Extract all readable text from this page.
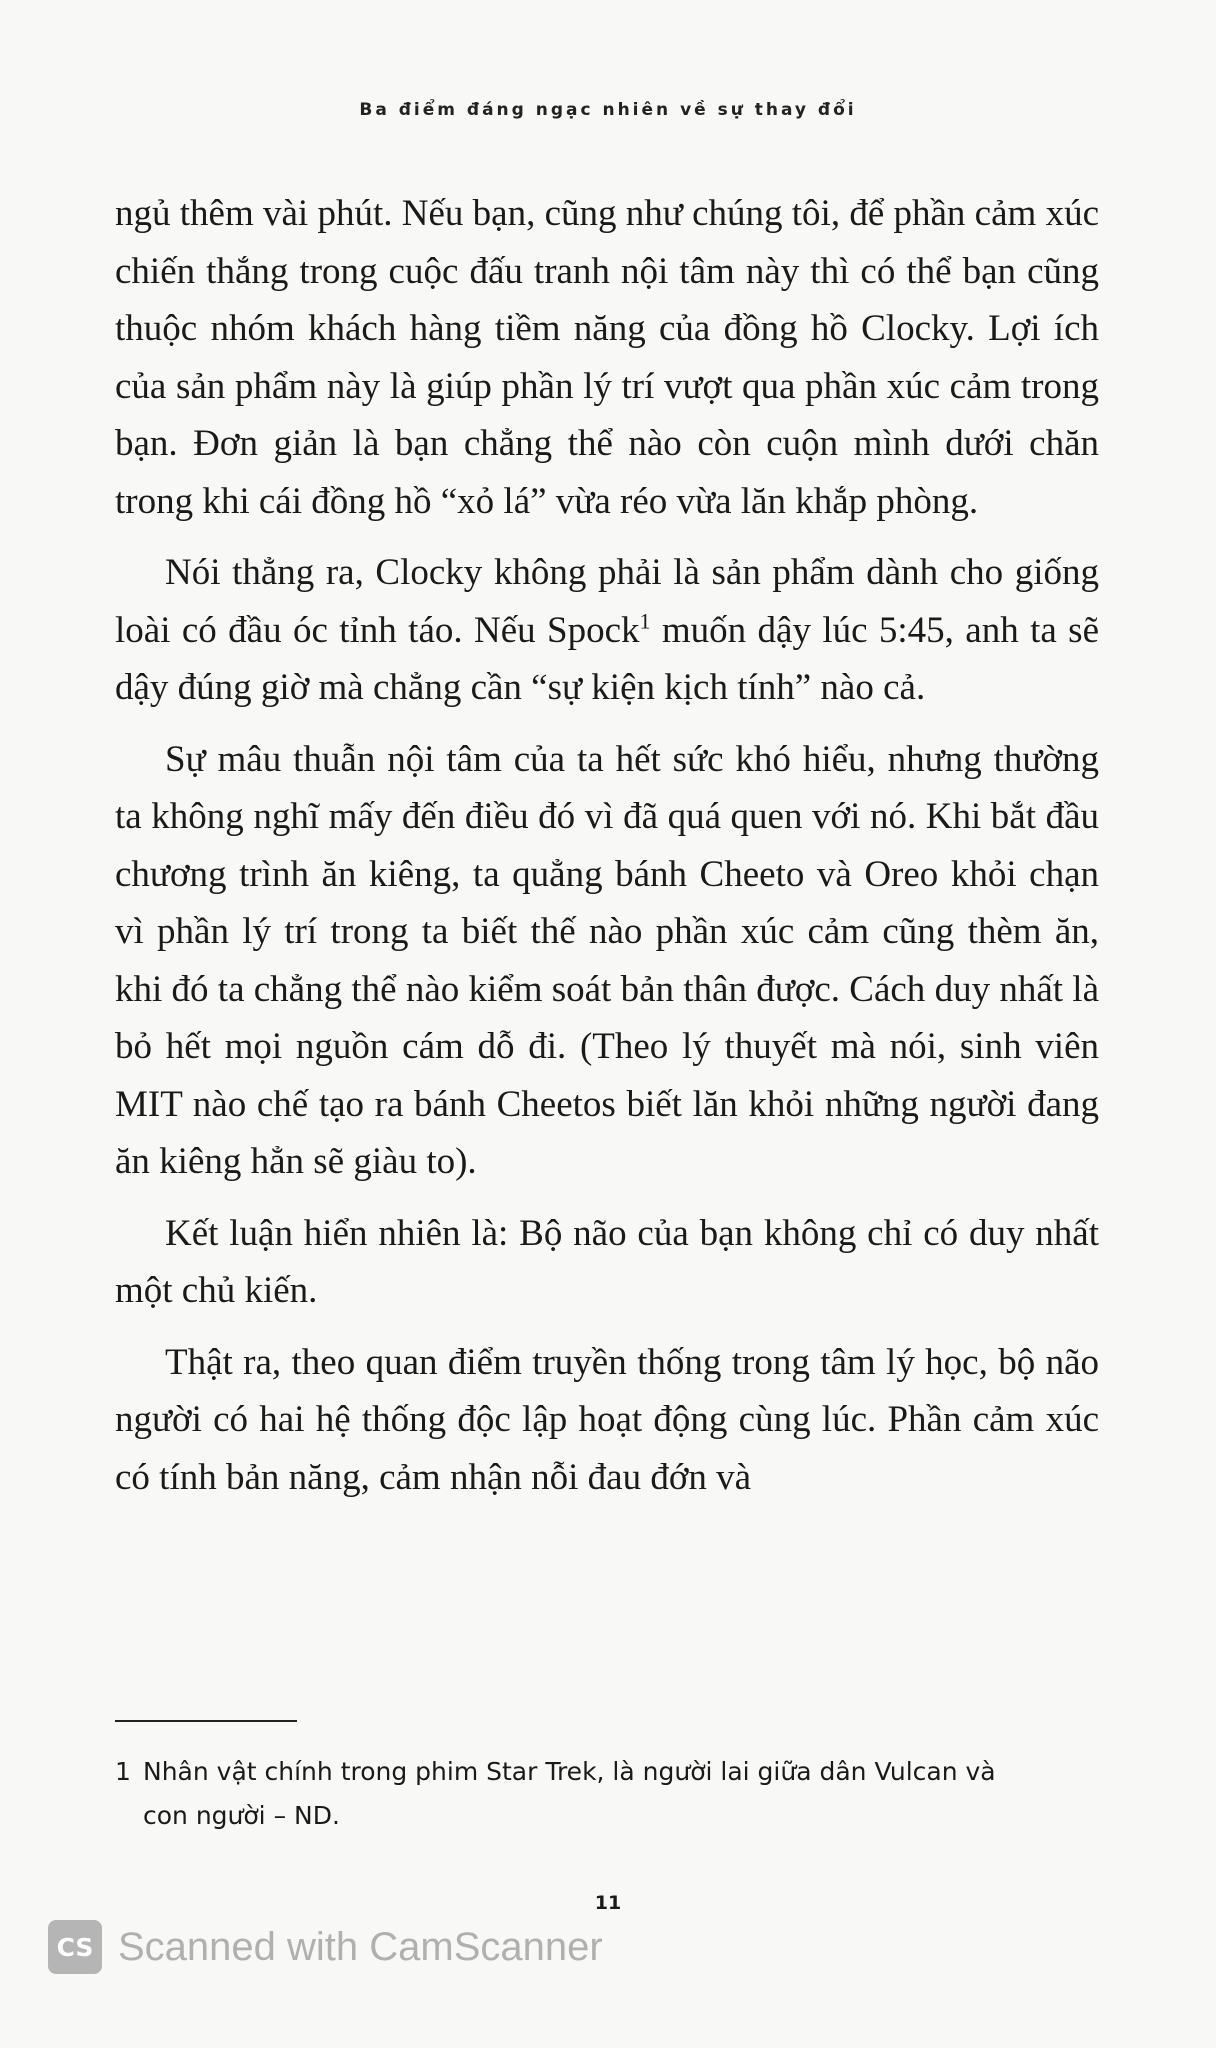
Ba điểm đáng ngạc nhiên về sự thay đổi

ngủ thêm vài phút. Nếu bạn, cũng như chúng tôi, để phần cảm xúc chiến thắng trong cuộc đấu tranh nội tâm này thì có thể bạn cũng thuộc nhóm khách hàng tiềm năng của đồng hồ Clocky. Lợi ích của sản phẩm này là giúp phần lý trí vượt qua phần xúc cảm trong bạn. Đơn giản là bạn chẳng thể nào còn cuộn mình dưới chăn trong khi cái đồng hồ “xỏ lá” vừa réo vừa lăn khắp phòng.

Nói thẳng ra, Clocky không phải là sản phẩm dành cho giống loài có đầu óc tỉnh táo. Nếu Spock$^1$ muốn dậy lúc 5:45, anh ta sẽ dậy đúng giờ mà chẳng cần “sự kiện kịch tính” nào cả.

Sự mâu thuẫn nội tâm của ta hết sức khó hiểu, nhưng thường ta không nghĩ mấy đến điều đó vì đã quá quen với nó. Khi bắt đầu chương trình ăn kiêng, ta quẳng bánh Cheeto và Oreo khỏi chạn vì phần lý trí trong ta biết thế nào phần xúc cảm cũng thèm ăn, khi đó ta chẳng thể nào kiểm soát bản thân được. Cách duy nhất là bỏ hết mọi nguồn cám dỗ đi. (Theo lý thuyết mà nói, sinh viên MIT nào chế tạo ra bánh Cheetos biết lăn khỏi những người đang ăn kiêng hẳn sẽ giàu to).

Kết luận hiển nhiên là: Bộ não của bạn không chỉ có duy nhất một chủ kiến.

Thật ra, theo quan điểm truyền thống trong tâm lý học, bộ não người có hai hệ thống độc lập hoạt động cùng lúc. Phần cảm xúc có tính bản năng, cảm nhận nỗi đau đớn và

1 Nhân vật chính trong phim Star Trek, là người lai giữa dân Vulcan và
con người – ND.
11
CS Scanned with CamScanner
